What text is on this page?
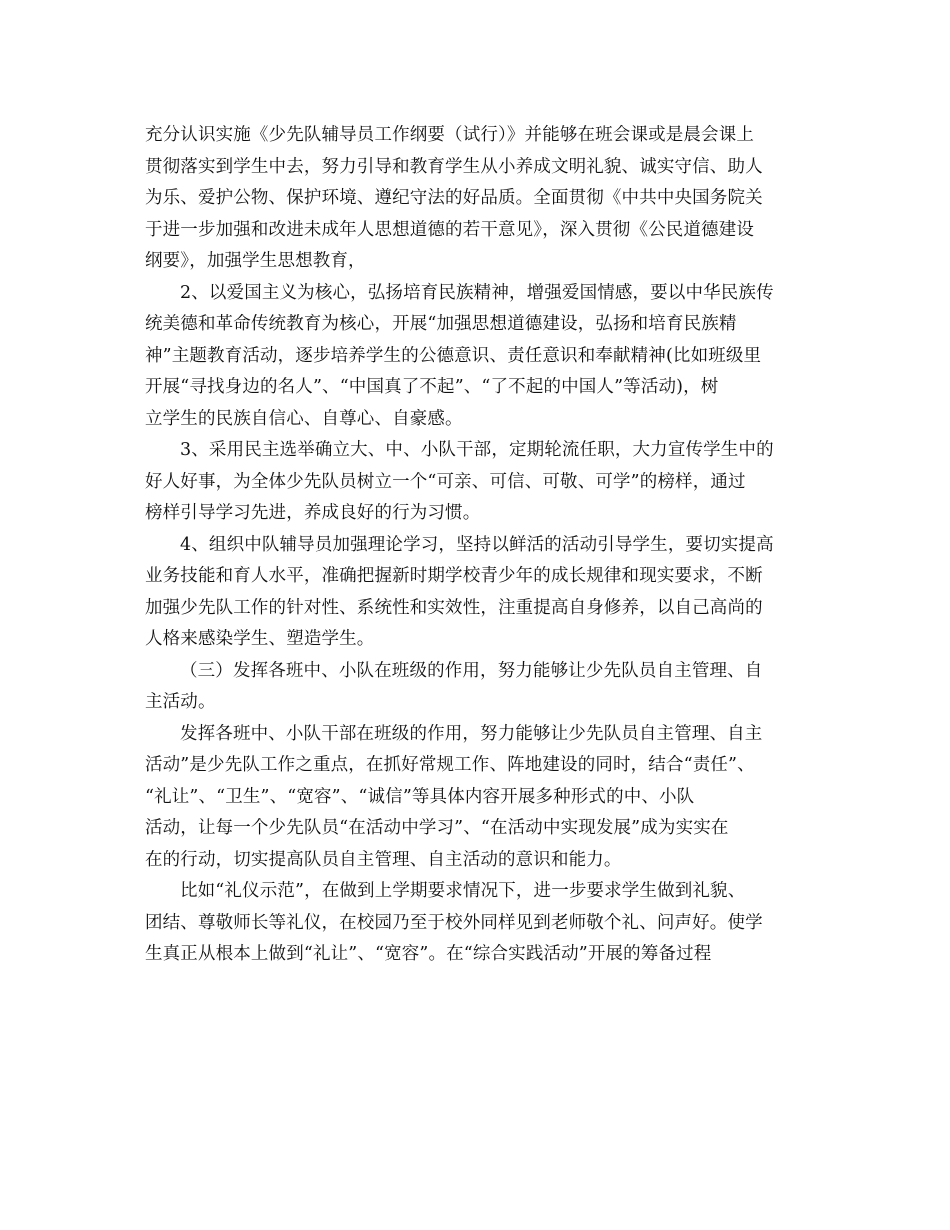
充分认识实施《少先队辅导员工作纲要（试行）》并能够在班会课或是晨会课上
贯彻落实到学生中去，努力引导和教育学生从小养成文明礼貌、诚实守信、助人
为乐、爱护公物、保护环境、遵纪守法的好品质。全面贯彻《中共中央国务院关
于进一步加强和改进未成年人思想道德的若干意见》，深入贯彻《公民道德建设
纲要》，加强学生思想教育，
2、以爱国主义为核心，弘扬培育民族精神，增强爱国情感，要以中华民族传
统美德和革命传统教育为核心，开展“加强思想道德建设，弘扬和培育民族精
神”主题教育活动，逐步培养学生的公德意识、责任意识和奉献精神(比如班级里
开展“寻找身边的名人”、“中国真了不起”、“了不起的中国人”等活动)，树
立学生的民族自信心、自尊心、自豪感。
3、采用民主选举确立大、中、小队干部，定期轮流任职，大力宣传学生中的
好人好事，为全体少先队员树立一个“可亲、可信、可敬、可学”的榜样，通过
榜样引导学习先进，养成良好的行为习惯。
4、组织中队辅导员加强理论学习，坚持以鲜活的活动引导学生，要切实提高
业务技能和育人水平，准确把握新时期学校青少年的成长规律和现实要求，不断
加强少先队工作的针对性、系统性和实效性，注重提高自身修养，以自己高尚的
人格来感染学生、塑造学生。
（三）发挥各班中、小队在班级的作用，努力能够让少先队员自主管理、自
主活动。
发挥各班中、小队干部在班级的作用，努力能够让少先队员自主管理、自主
活动”是少先队工作之重点，在抓好常规工作、阵地建设的同时，结合“责任”、
“礼让”、“卫生”、“宽容”、“诚信”等具体内容开展多种形式的中、小队
活动，让每一个少先队员“在活动中学习”、“在活动中实现发展”成为实实在
在的行动，切实提高队员自主管理、自主活动的意识和能力。
比如“礼仪示范”，在做到上学期要求情况下，进一步要求学生做到礼貌、
团结、尊敬师长等礼仪，在校园乃至于校外同样见到老师敬个礼、问声好。使学
生真正从根本上做到“礼让”、“宽容”。在“综合实践活动”开展的筹备过程
